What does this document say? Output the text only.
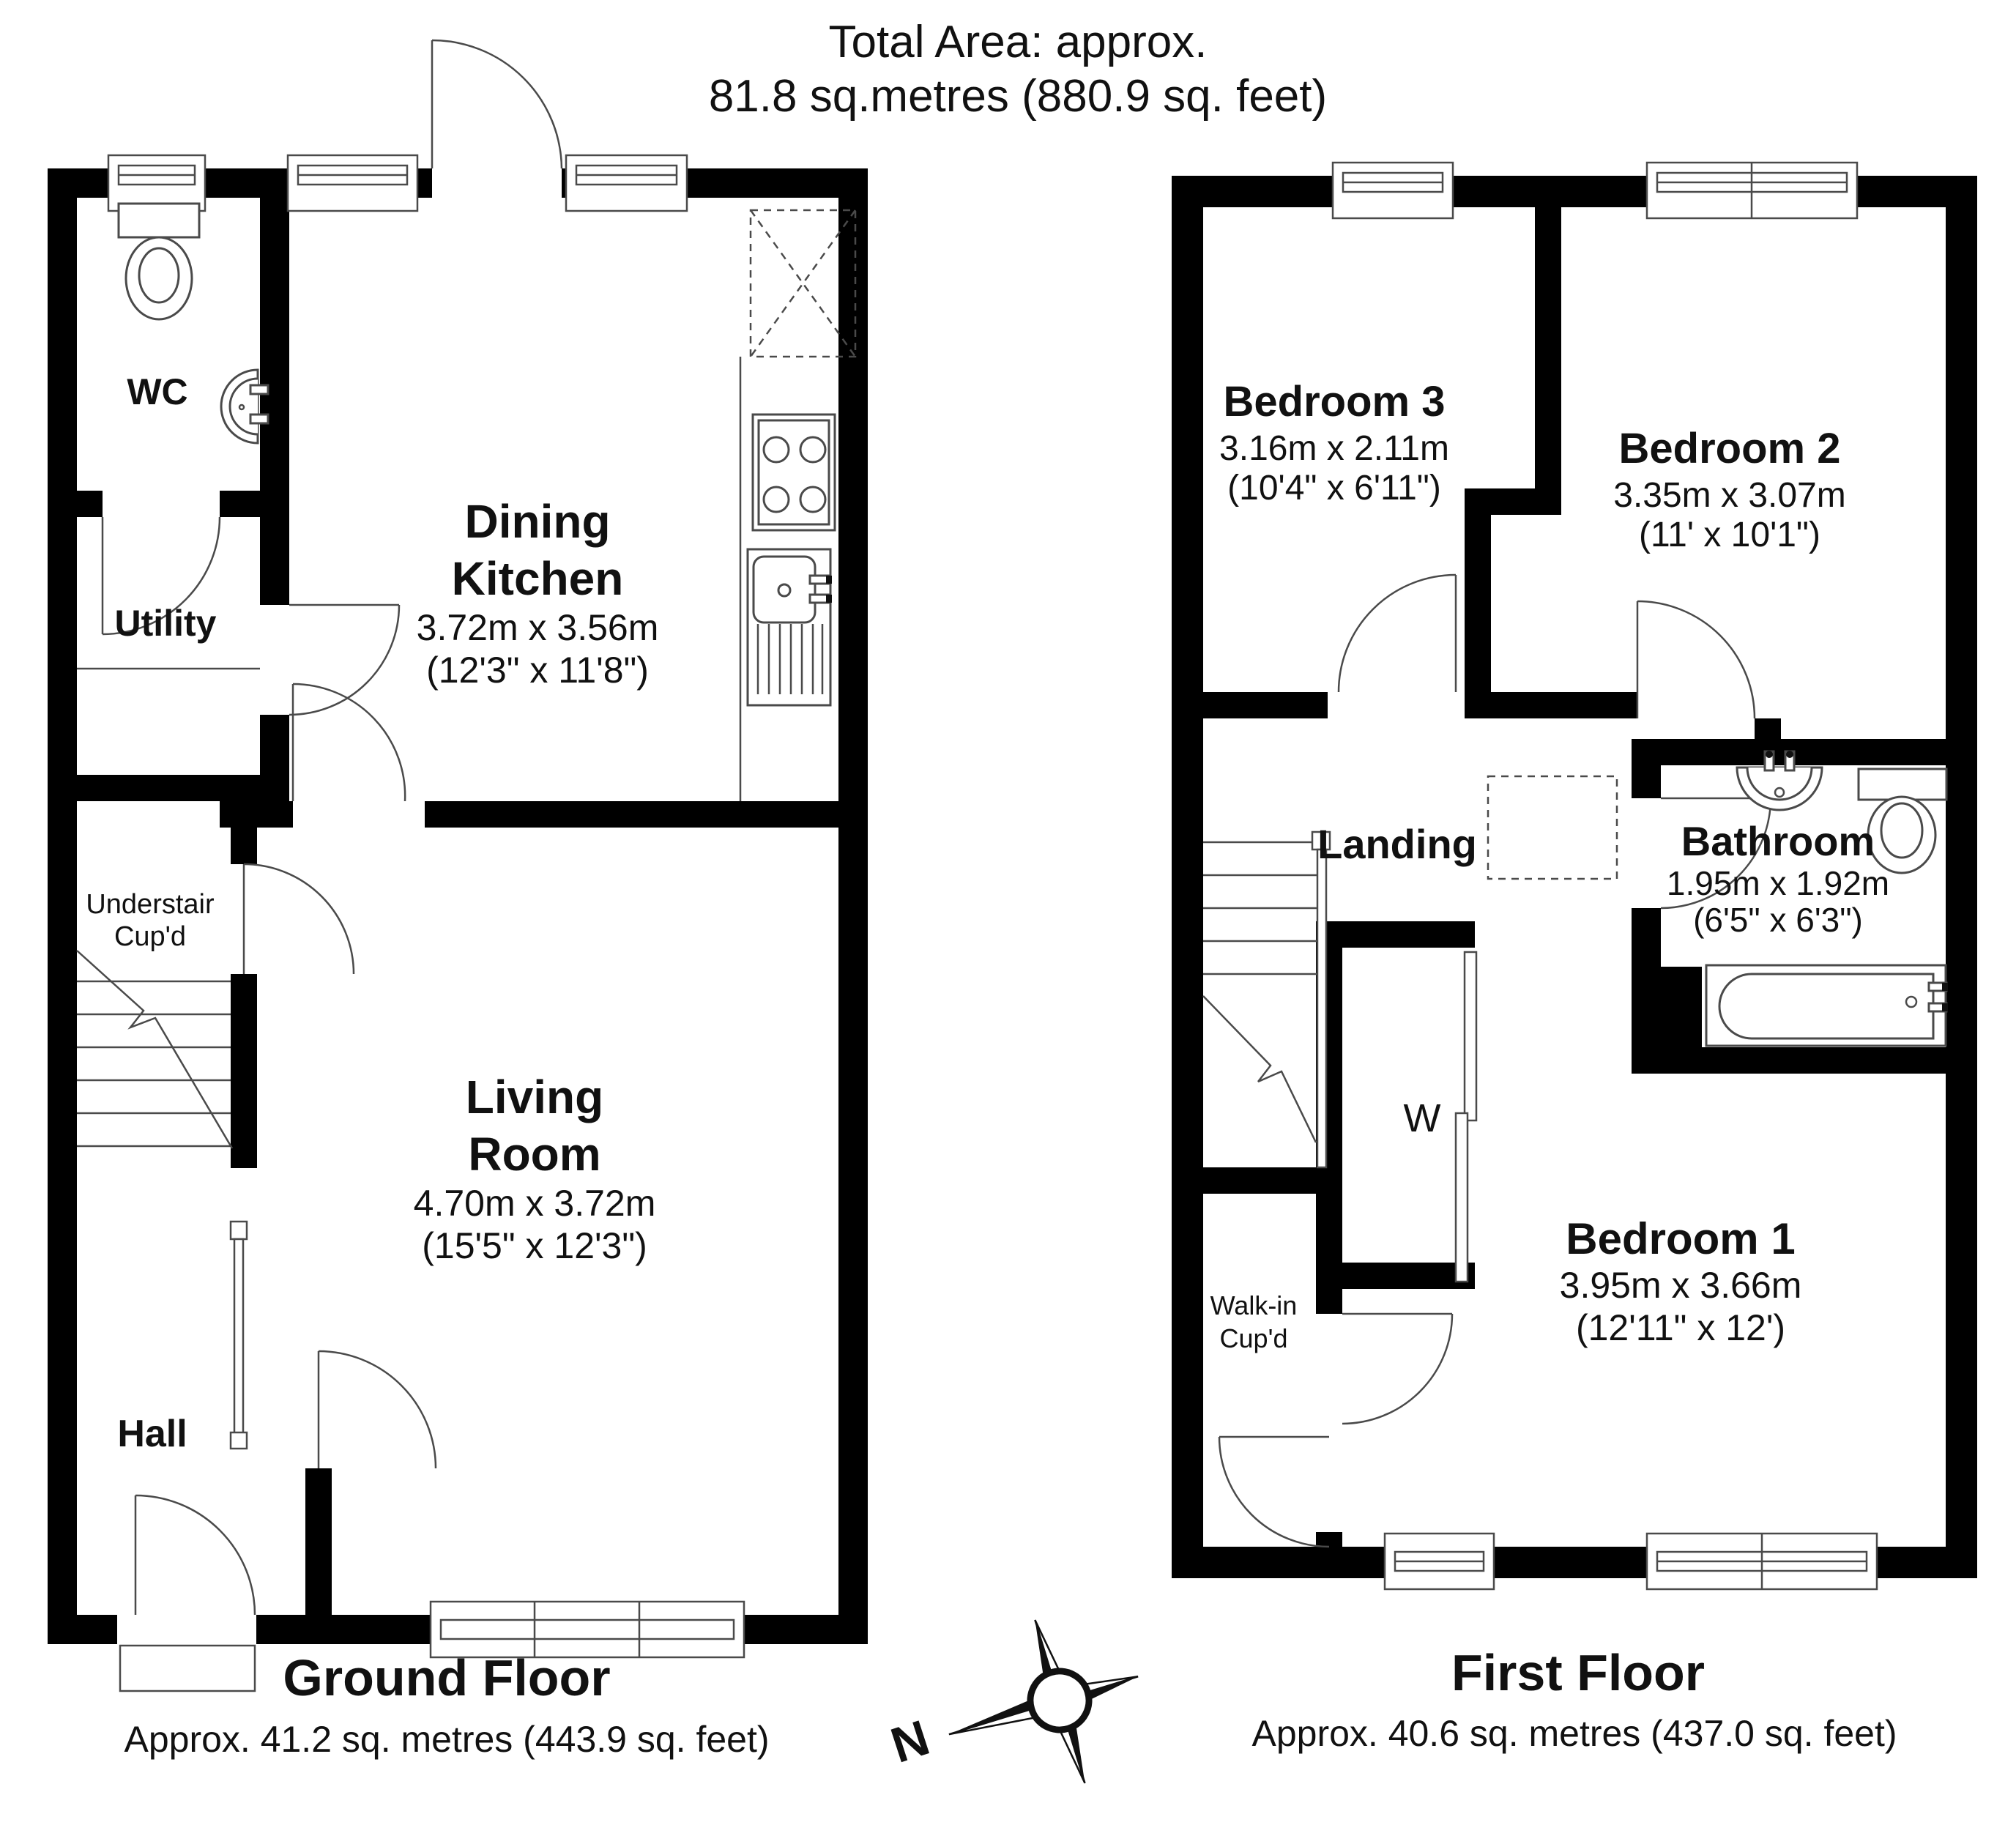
Total Area: approx.
81.8 sq.metres (880.9 sq. feet)
WC
Dining
Kitchen
3.72m x 3.56m
(12'3" x 11'8")
Utility
Understair
Cup'd
Living
Room
4.70m x 3.72m
(15'5" x 12'3")
Hall
Ground Floor
Approx. 41.2 sq. metres (443.9 sq. feet)
Bedroom 3
3.16m x 2.11m
(10'4" x 6'11")
Bedroom 2
3.35m x 3.07m
(11' x 10'1")
Landing	Bathroom
1.95m x 1.92m
(6'5" x 6'3")
W
Walk-in
Cup'd
Bedroom 1
3.95m x 3.66m
(12'11" x 12')
First Floor
Approx. 40.6 sq. metres (437.0 sq. feet)
N
